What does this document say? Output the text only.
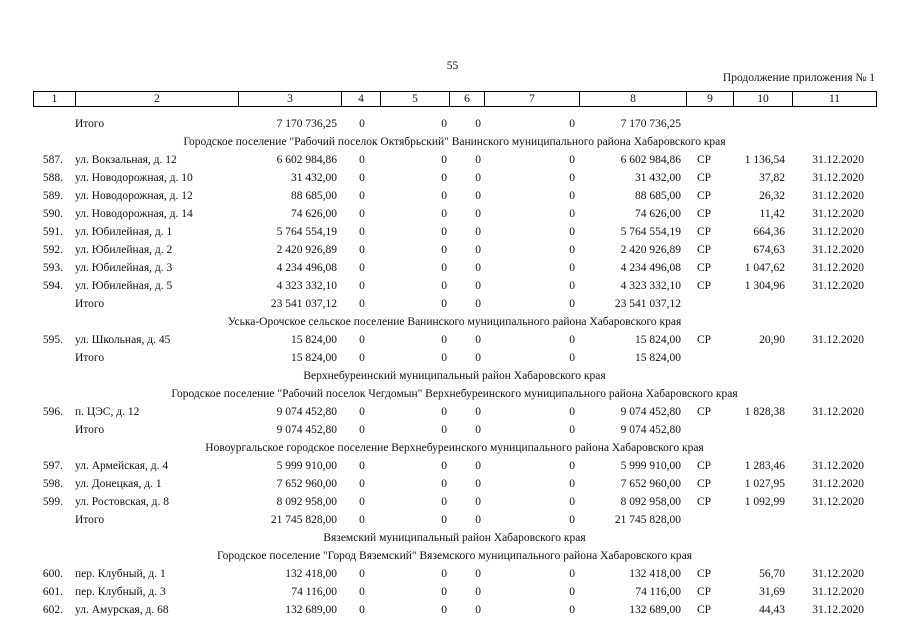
55
Продолжение приложения № 1
1	2	3	4	5	6	7	8	9	10	11
Итого	7 170 736,25	0	0	0	0	7 170 736,25
Городское поселение "Рабочий поселок Октябрьский" Ванинского муниципального района Хабаровского края
587. ул. Вокзальная, д. 12	6 602 984,86	0	0	0	0	6 602 984,86	СР	1 136,54	31.12.2020
588. ул. Новодорожная, д. 10	31 432,00	0	0	0	0	31 432,00	СР	37,82	31.12.2020
589. ул. Новодорожная, д. 12	88 685,00	0	0	0	0	88 685,00	СР	26,32	31.12.2020
590. ул. Новодорожная, д. 14	74 626,00	0	0	0	0	74 626,00	СР	11,42	31.12.2020
591. ул. Юбилейная, д. 1	5 764 554,19	0	0	0	0	5 764 554,19	СР	664,36	31.12.2020
592. ул. Юбилейная, д. 2	2 420 926,89	0	0	0	0	2 420 926,89	СР	674,63	31.12.2020
593. ул. Юбилейная, д. 3	4 234 496,08	0	0	0	0	4 234 496,08	СР	1 047,62	31.12.2020
594. ул. Юбилейная, д. 5	4 323 332,10	0	0	0	0	4 323 332,10	СР	1 304,96	31.12.2020
Итого	23 541 037,12	0	0	0	0	23 541 037,12
Уська-Орочское сельское поселение Ванинского муниципального района Хабаровского края
595. ул. Школьная, д. 45	15 824,00	0	0	0	0	15 824,00	СР	20,90	31.12.2020
Итого	15 824,00	0	0	0	0	15 824,00
Верхнебуреинский муниципальный район Хабаровского края
Городское поселение "Рабочий поселок Чегдомын" Верхнебуреинского муниципального района Хабаровского края
596. п. ЦЭС, д. 12	9 074 452,80	0	0	0	0	9 074 452,80	СР	1 828,38	31.12.2020
Итого	9 074 452,80	0	0	0	0	9 074 452,80
Новоургальское городское поселение Верхнебуреинского муниципального района Хабаровского края
597. ул. Армейская, д. 4	5 999 910,00	0	0	0	0	5 999 910,00	СР	1 283,46	31.12.2020
598. ул. Донецкая, д. 1	7 652 960,00	0	0	0	0	7 652 960,00	СР	1 027,95	31.12.2020
599. ул. Ростовская, д. 8	8 092 958,00	0	0	0	0	8 092 958,00	СР	1 092,99	31.12.2020
Итого	21 745 828,00	0	0	0	0	21 745 828,00
Вяземский муниципальный район Хабаровского края
Городское поселение "Город Вяземский" Вяземского муниципального района Хабаровского края
600. пер. Клубный, д. 1	132 418,00	0	0	0	0	132 418,00	СР	56,70	31.12.2020
601. пер. Клубный, д. 3	74 116,00	0	0	0	0	74 116,00	СР	31,69	31.12.2020
602. ул. Амурская, д. 68	132 689,00	0	0	0	0	132 689,00	СР	44,43	31.12.2020
